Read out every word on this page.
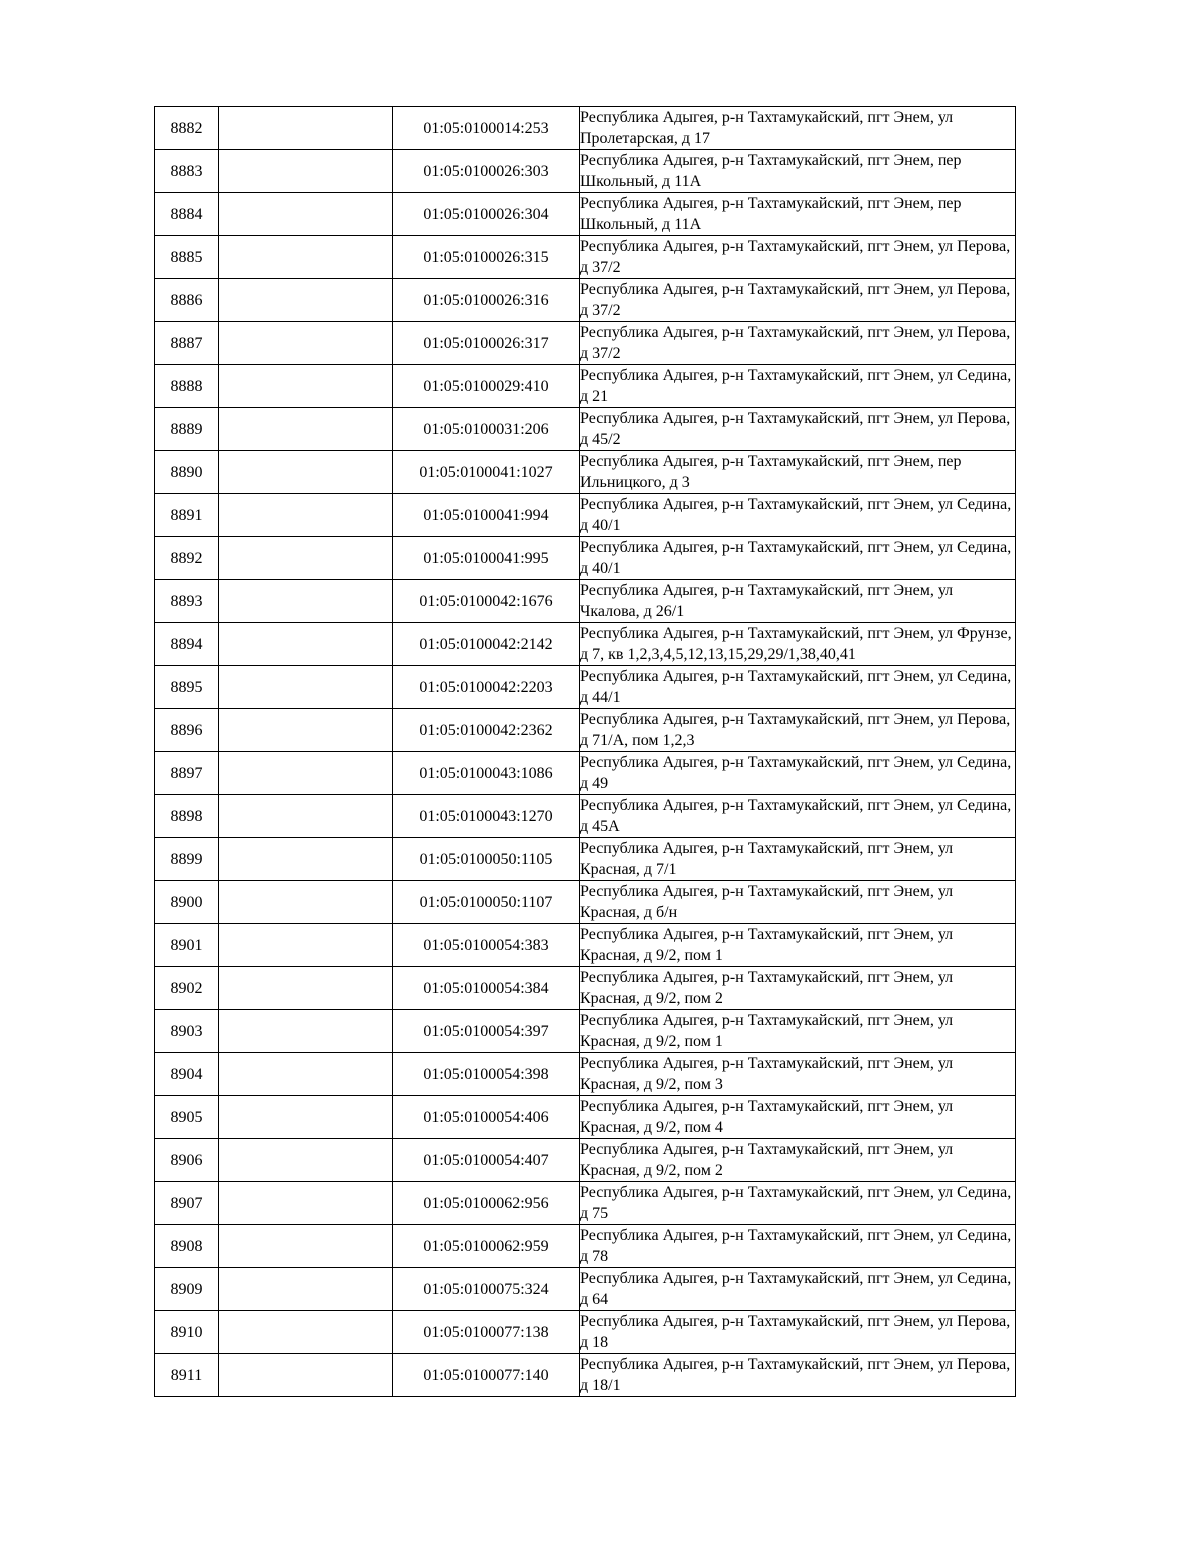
8882		01:05:0100014:253	Республика Адыгея, р-н Тахтамукайский, пгт Энем, ул Пролетарская, д 17
8883		01:05:0100026:303	Республика Адыгея, р-н Тахтамукайский, пгт Энем, пер Школьный, д 11А
8884		01:05:0100026:304	Республика Адыгея, р-н Тахтамукайский, пгт Энем, пер Школьный, д 11А
8885		01:05:0100026:315	Республика Адыгея, р-н Тахтамукайский, пгт Энем, ул Перова, д 37/2
8886		01:05:0100026:316	Республика Адыгея, р-н Тахтамукайский, пгт Энем, ул Перова, д 37/2
8887		01:05:0100026:317	Республика Адыгея, р-н Тахтамукайский, пгт Энем, ул Перова, д 37/2
8888		01:05:0100029:410	Республика Адыгея, р-н Тахтамукайский, пгт Энем, ул Седина, д 21
8889		01:05:0100031:206	Республика Адыгея, р-н Тахтамукайский, пгт Энем, ул Перова, д 45/2
8890		01:05:0100041:1027	Республика Адыгея, р-н Тахтамукайский, пгт Энем, пер Ильницкого, д 3
8891		01:05:0100041:994	Республика Адыгея, р-н Тахтамукайский, пгт Энем, ул Седина, д 40/1
8892		01:05:0100041:995	Республика Адыгея, р-н Тахтамукайский, пгт Энем, ул Седина, д 40/1
8893		01:05:0100042:1676	Республика Адыгея, р-н Тахтамукайский, пгт Энем, ул Чкалова, д 26/1
8894		01:05:0100042:2142	Республика Адыгея, р-н Тахтамукайский, пгт Энем, ул Фрунзе, д 7, кв 1,2,3,4,5,12,13,15,29,29/1,38,40,41
8895		01:05:0100042:2203	Республика Адыгея, р-н Тахтамукайский, пгт Энем, ул Седина, д 44/1
8896		01:05:0100042:2362	Республика Адыгея, р-н Тахтамукайский, пгт Энем, ул Перова, д 71/А, пом 1,2,3
8897		01:05:0100043:1086	Республика Адыгея, р-н Тахтамукайский, пгт Энем, ул Седина, д 49
8898		01:05:0100043:1270	Республика Адыгея, р-н Тахтамукайский, пгт Энем, ул Седина, д 45А
8899		01:05:0100050:1105	Республика Адыгея, р-н Тахтамукайский, пгт Энем, ул Красная, д 7/1
8900		01:05:0100050:1107	Республика Адыгея, р-н Тахтамукайский, пгт Энем, ул Красная, д б/н
8901		01:05:0100054:383	Республика Адыгея, р-н Тахтамукайский, пгт Энем, ул Красная, д 9/2, пом 1
8902		01:05:0100054:384	Республика Адыгея, р-н Тахтамукайский, пгт Энем, ул Красная, д 9/2, пом 2
8903		01:05:0100054:397	Республика Адыгея, р-н Тахтамукайский, пгт Энем, ул Красная, д 9/2, пом 1
8904		01:05:0100054:398	Республика Адыгея, р-н Тахтамукайский, пгт Энем, ул Красная, д 9/2, пом 3
8905		01:05:0100054:406	Республика Адыгея, р-н Тахтамукайский, пгт Энем, ул Красная, д 9/2, пом 4
8906		01:05:0100054:407	Республика Адыгея, р-н Тахтамукайский, пгт Энем, ул Красная, д 9/2, пом 2
8907		01:05:0100062:956	Республика Адыгея, р-н Тахтамукайский, пгт Энем, ул Седина, д 75
8908		01:05:0100062:959	Республика Адыгея, р-н Тахтамукайский, пгт Энем, ул Седина, д 78
8909		01:05:0100075:324	Республика Адыгея, р-н Тахтамукайский, пгт Энем, ул Седина, д 64
8910		01:05:0100077:138	Республика Адыгея, р-н Тахтамукайский, пгт Энем, ул Перова, д 18
8911		01:05:0100077:140	Республика Адыгея, р-н Тахтамукайский, пгт Энем, ул Перова, д 18/1
